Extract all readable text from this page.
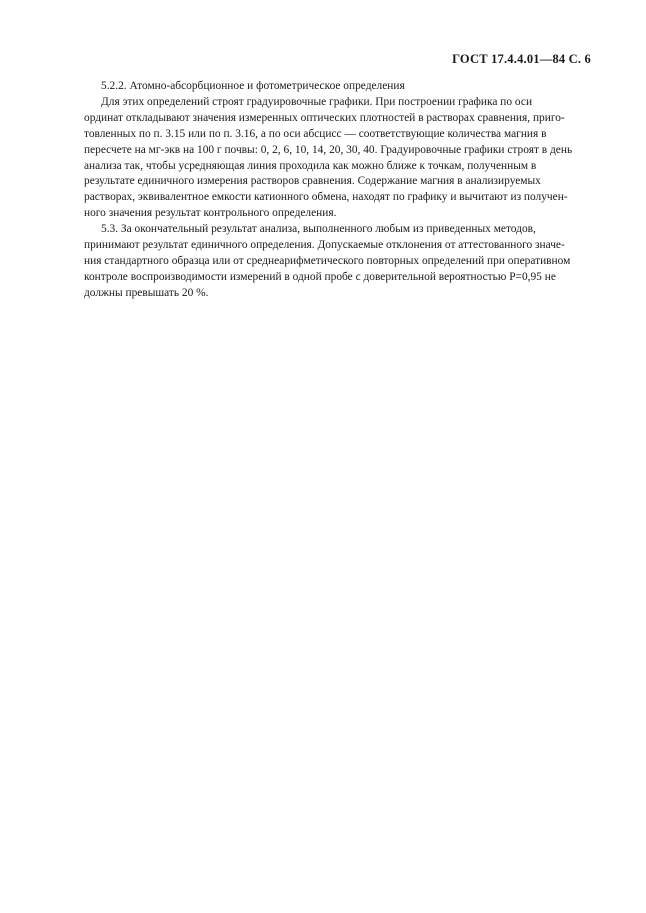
ГОСТ 17.4.4.01—84 С. 6
5.2.2. Атомно-абсорбционное и фотометрическое определения
Для этих определений строят градуировочные графики. При построении графика по оси
ординат откладывают значения измеренных оптических плотностей в растворах сравнения, приго-
товленных по п. 3.15 или по п. 3.16, а по оси абсцисс — соответствующие количества магния в
пересчете на мг-экв на 100 г почвы: 0, 2, 6, 10, 14, 20, 30, 40. Градуировочные графики строят в день
анализа так, чтобы усредняющая линия проходила как можно ближе к точкам, полученным в
результате единичного измерения растворов сравнения. Содержание магния в анализируемых
растворах, эквивалентное емкости катионного обмена, находят по графику и вычитают из получен-
ного значения результат контрольного определения.
5.3. За окончательный результат анализа, выполненного любым из приведенных методов,
принимают результат единичного определения. Допускаемые отклонения от аттестованного значе-
ния стандартного образца или от среднеарифметического повторных определений при оперативном
контроле воспроизводимости измерений в одной пробе с доверительной вероятностью Р=0,95 не
должны превышать 20 %.
